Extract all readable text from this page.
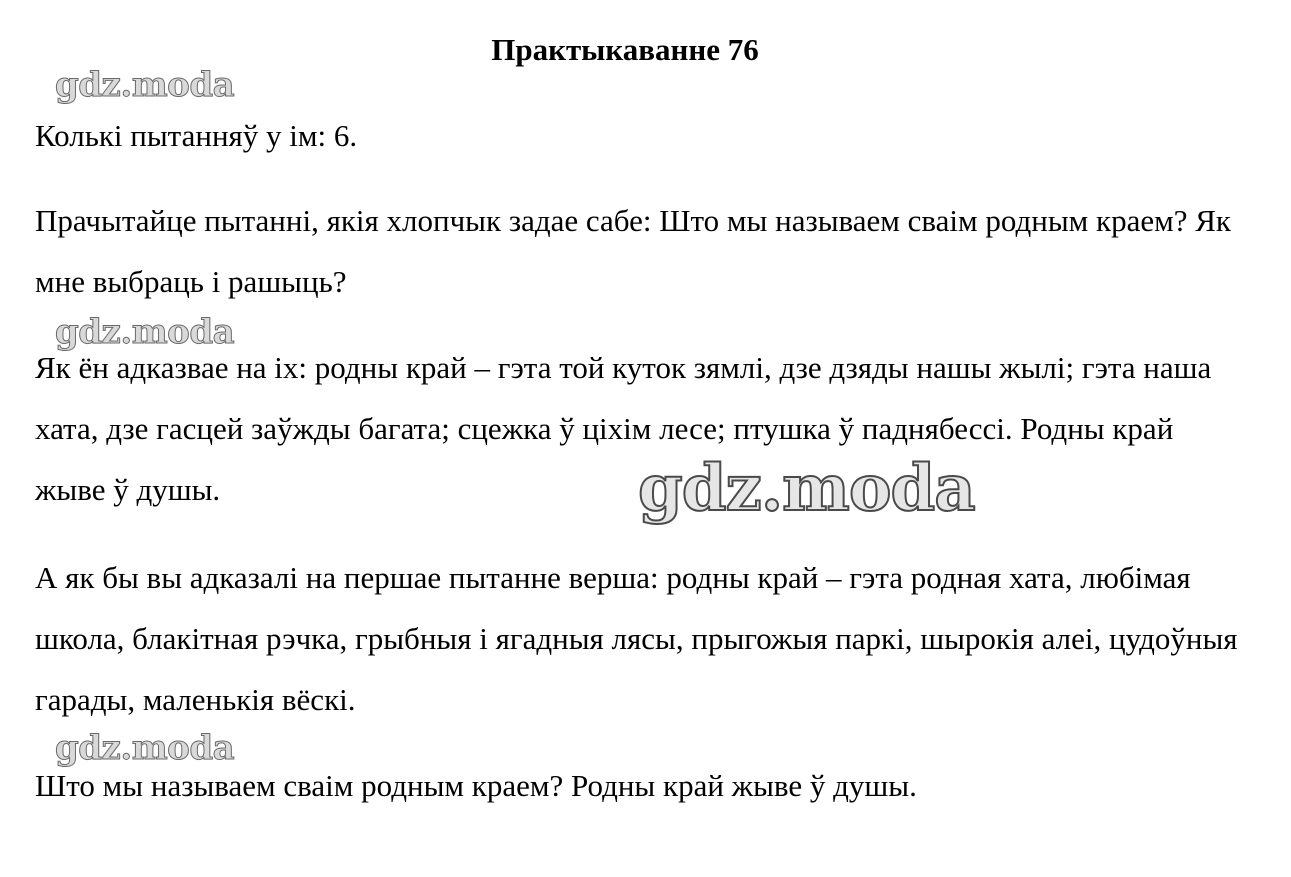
Практыкаванне 76

Колькі пытанняў у ім: 6.

Прачытайце пытанні, якія хлопчык задае сабе: Што мы называем сваім родным краем? Як мне выбраць і рашыць?

Як ён адказвае на іх: родны край – гэта той куток зямлі, дзе дзяды нашы жылі; гэта наша хата, дзе гасцей заўжды багата; сцежка ў ціхім лесе; птушка ў паднябессі. Родны край жыве ў душы.

А як бы вы адказалі на першае пытанне верша: родны край – гэта родная хата, любімая школа, блакітная рэчка, грыбныя і ягадныя лясы, прыгожыя паркі, шырокія алеі, цудоўныя гарады, маленькія вёскі.

Што мы называем сваім родным краем? Родны край жыве ў душы.

gdz.moda
gdz.moda
gdz.moda
gdz.moda
